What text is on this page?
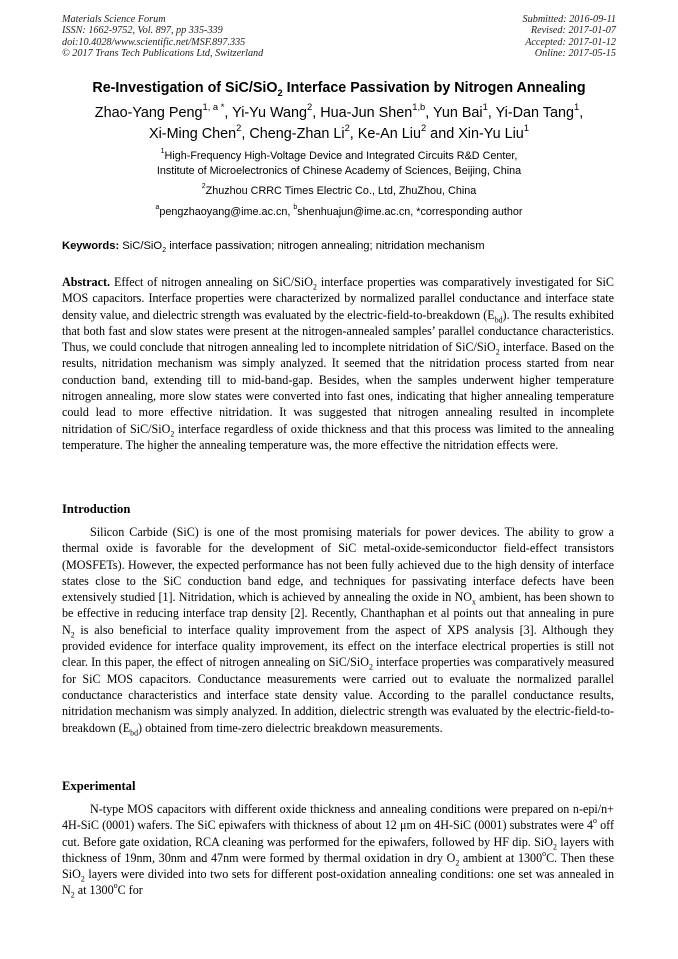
Materials Science Forum
ISSN: 1662-9752, Vol. 897, pp 335-339
doi:10.4028/www.scientific.net/MSF.897.335
© 2017 Trans Tech Publications Ltd, Switzerland
Submitted: 2016-09-11
Revised: 2017-01-07
Accepted: 2017-01-12
Online: 2017-05-15
Re-Investigation of SiC/SiO$_2$ Interface Passivation by Nitrogen Annealing
Zhao-Yang Peng$^{1, a *}$, Yi-Yu Wang$^2$, Hua-Jun Shen$^{1,b}$, Yun Bai$^1$, Yi-Dan Tang$^1$,
Xi-Ming Chen$^2$, Cheng-Zhan Li$^2$, Ke-An Liu$^2$ and Xin-Yu Liu$^1$
$^1$High-Frequency High-Voltage Device and Integrated Circuits R&D Center,
Institute of Microelectronics of Chinese Academy of Sciences, Beijing, China
$^2$Zhuzhou CRRC Times Electric Co., Ltd, ZhuZhou, China
$^a$pengzhaoyang@ime.ac.cn, $^b$shenhuajun@ime.ac.cn, *corresponding author
Keywords: SiC/SiO$_2$ interface passivation; nitrogen annealing; nitridation mechanism
Abstract. Effect of nitrogen annealing on SiC/SiO$_2$ interface properties was comparatively investigated for SiC MOS capacitors. Interface properties were characterized by normalized parallel conductance and interface state density value, and dielectric strength was evaluated by the electric-field-to-breakdown $(E_{bd})$. The results exhibited that both fast and slow states were present at the nitrogen-annealed samples’ parallel conductance characteristics. Thus, we could conclude that nitrogen annealing led to incomplete nitridation of SiC/SiO$_2$ interface. Based on the results, nitridation mechanism was simply analyzed. It seemed that the nitridation process started from near conduction band, extending till to mid-band-gap. Besides, when the samples underwent higher temperature nitrogen annealing, more slow states were converted into fast ones, indicating that higher annealing temperature could lead to more effective nitridation. It was suggested that nitrogen annealing resulted in incomplete nitridation of SiC/SiO$_2$ interface regardless of oxide thickness and that this process was limited to the annealing temperature. The higher the annealing temperature was, the more effective the nitridation effects were.
Introduction
Silicon Carbide (SiC) is one of the most promising materials for power devices. The ability to grow a thermal oxide is favorable for the development of SiC metal-oxide-semiconductor field-effect transistors (MOSFETs). However, the expected performance has not been fully achieved due to the high density of interface states close to the SiC conduction band edge, and techniques for passivating interface defects have been extensively studied [1]. Nitridation, which is achieved by annealing the oxide in $NO_x$ ambient, has been shown to be effective in reducing interface trap density [2]. Recently, Chanthaphan et al points out that annealing in pure $N_2$ is also beneficial to interface quality improvement from the aspect of XPS analysis [3]. Although they provided evidence for interface quality improvement, its effect on the interface electrical properties is still not clear. In this paper, the effect of nitrogen annealing on SiC/SiO$_2$ interface properties was comparatively measured for SiC MOS capacitors. Conductance measurements were carried out to evaluate the normalized parallel conductance characteristics and interface state density value. According to the parallel conductance results, nitridation mechanism was simply analyzed. In addition, dielectric strength was evaluated by the electric-field-to-breakdown $(E_{bd})$ obtained from time-zero dielectric breakdown measurements.
Experimental
N-type MOS capacitors with different oxide thickness and annealing conditions were prepared on n-epi/n+ 4H-SiC (0001) wafers. The SiC epiwafers with thickness of about 12 μm on 4H-SiC (0001) substrates were 4$^o$ off cut. Before gate oxidation, RCA cleaning was performed for the epiwafers, followed by HF dip. SiO$_2$ layers with thickness of 19nm, 30nm and 47nm were formed by thermal oxidation in dry $O_2$ ambient at 1300$^o$C. Then these SiO$_2$ layers were divided into two sets for different post-oxidation annealing conditions: one set was annealed in $N_2$ at 1300$^o$C for
